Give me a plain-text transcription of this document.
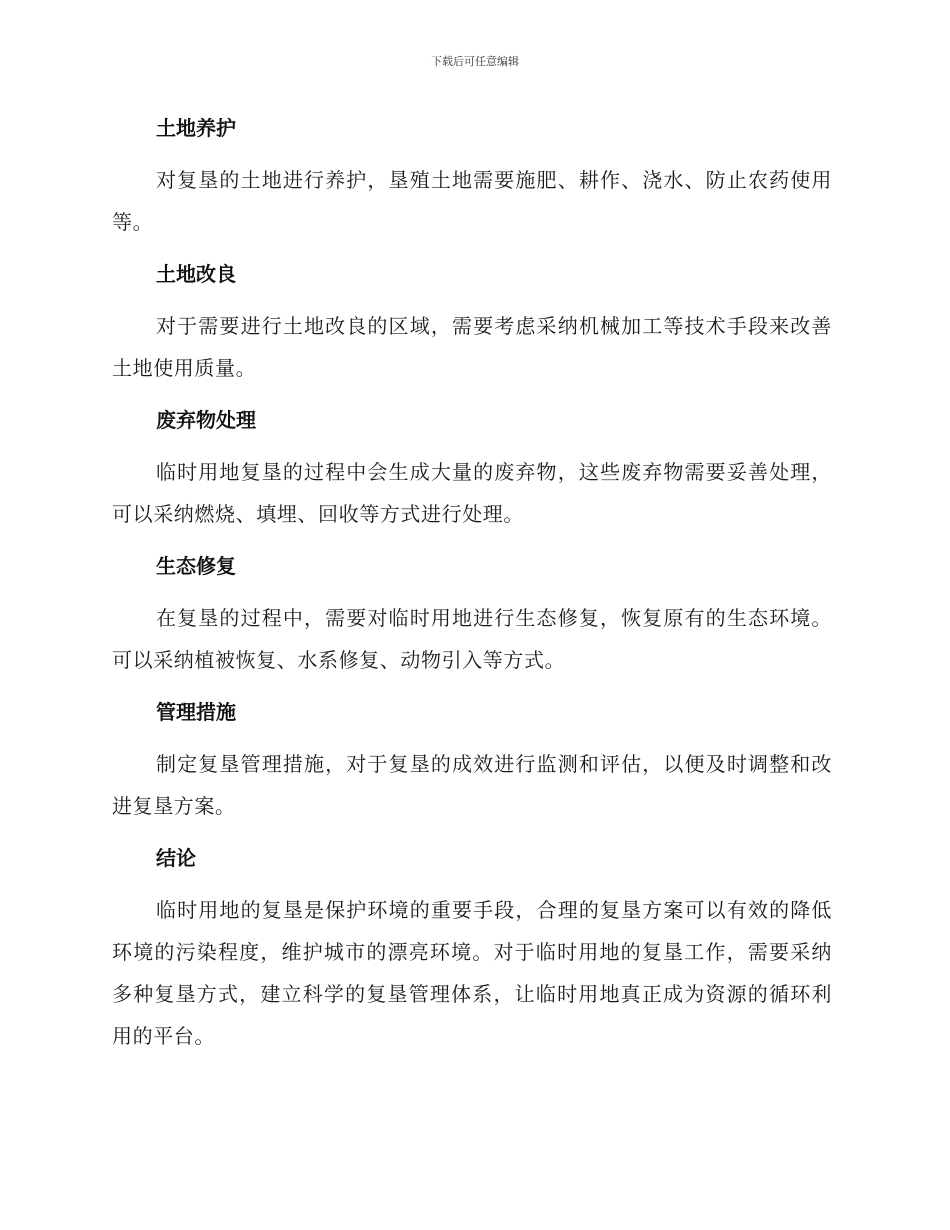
下载后可任意编辑
土地养护

对复垦的土地进行养护，垦殖土地需要施肥、耕作、浇水、防止农药使用等。

土地改良

对于需要进行土地改良的区域，需要考虑采纳机械加工等技术手段来改善土地使用质量。

废弃物处理

临时用地复垦的过程中会生成大量的废弃物，这些废弃物需要妥善处理，可以采纳燃烧、填埋、回收等方式进行处理。

生态修复

在复垦的过程中，需要对临时用地进行生态修复，恢复原有的生态环境。可以采纳植被恢复、水系修复、动物引入等方式。

管理措施

制定复垦管理措施，对于复垦的成效进行监测和评估，以便及时调整和改进复垦方案。

结论

临时用地的复垦是保护环境的重要手段，合理的复垦方案可以有效的降低环境的污染程度，维护城市的漂亮环境。对于临时用地的复垦工作，需要采纳多种复垦方式，建立科学的复垦管理体系，让临时用地真正成为资源的循环利用的平台。
